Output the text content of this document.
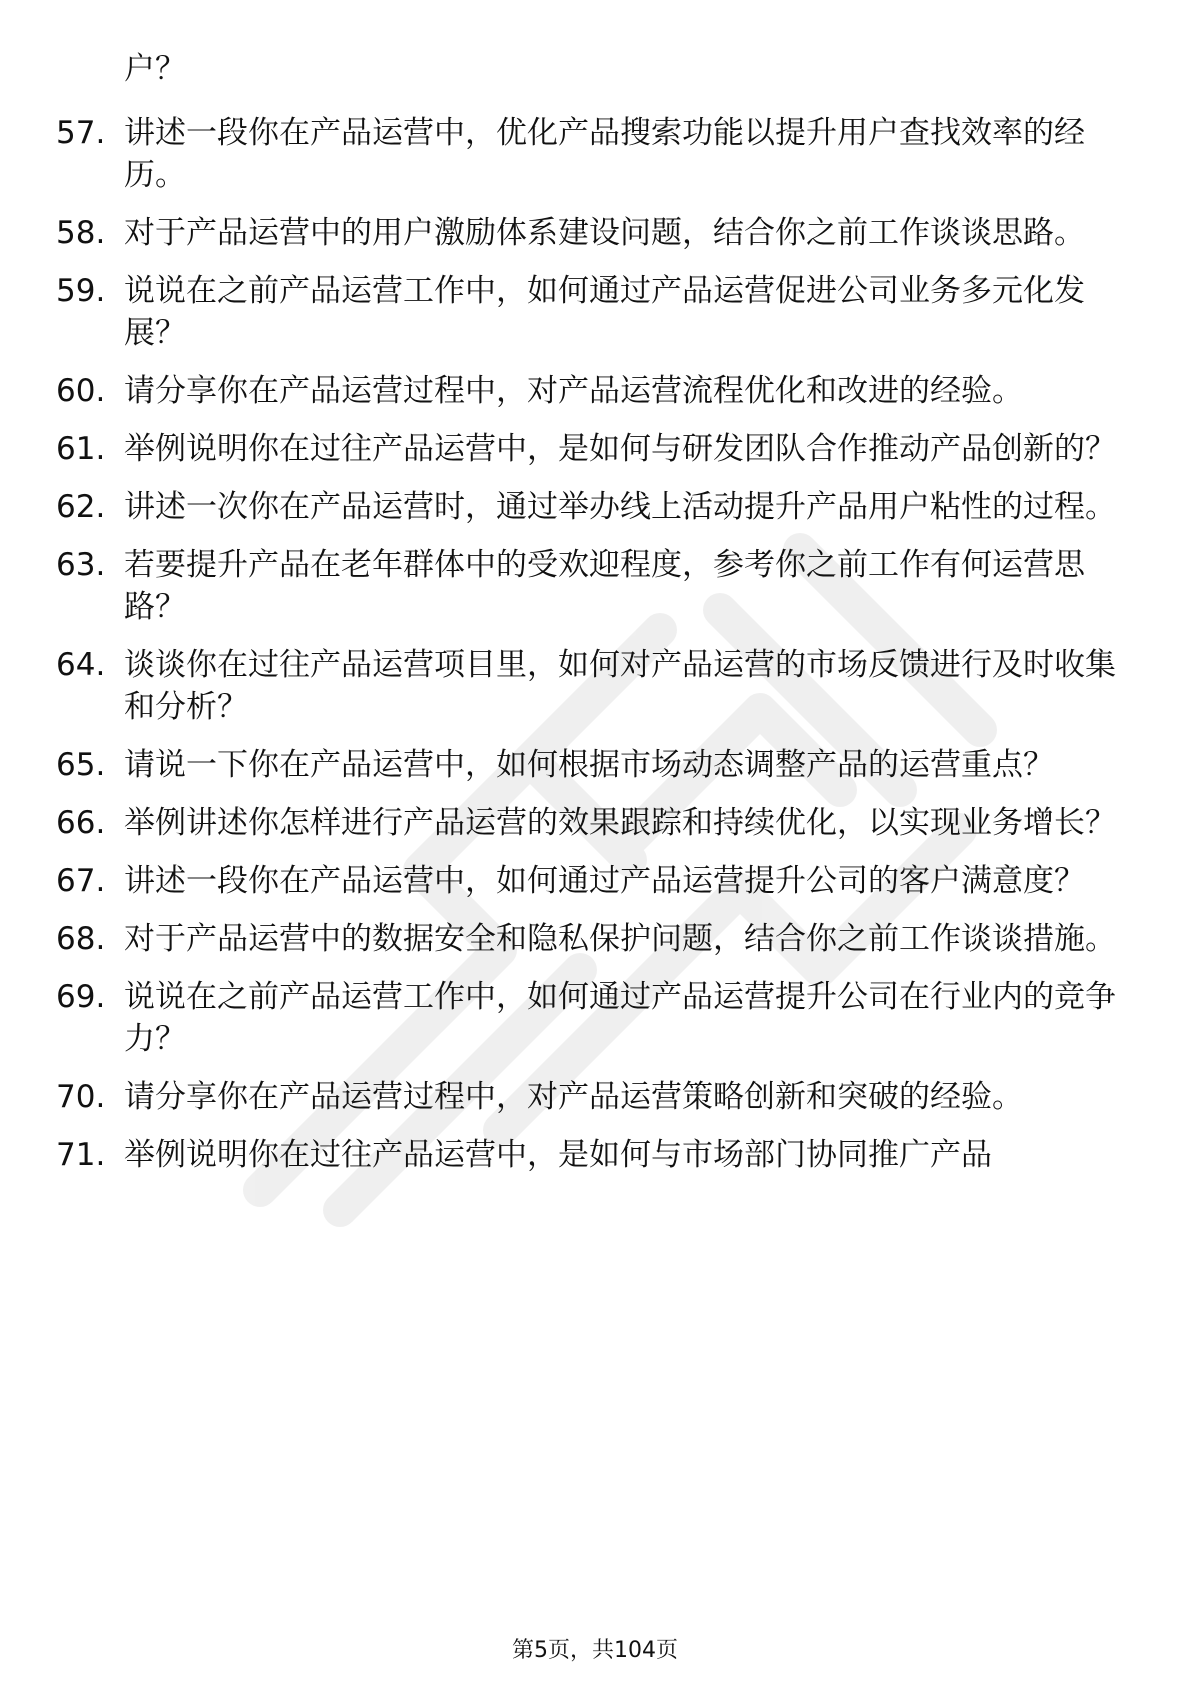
户？
57. 讲述一段你在产品运营中，优化产品搜索功能以提升用户查找效率的经历。
58. 对于产品运营中的用户激励体系建设问题，结合你之前工作谈谈思路。
59. 说说在之前产品运营工作中，如何通过产品运营促进公司业务多元化发展？
60. 请分享你在产品运营过程中，对产品运营流程优化和改进的经验。
61. 举例说明你在过往产品运营中，是如何与研发团队合作推动产品创新的？
62. 讲述一次你在产品运营时，通过举办线上活动提升产品用户粘性的过程。
63. 若要提升产品在老年群体中的受欢迎程度，参考你之前工作有何运营思路？
64. 谈谈你在过往产品运营项目里，如何对产品运营的市场反馈进行及时收集和分析？
65. 请说一下你在产品运营中，如何根据市场动态调整产品的运营重点？
66. 举例讲述你怎样进行产品运营的效果跟踪和持续优化，以实现业务增长？
67. 讲述一段你在产品运营中，如何通过产品运营提升公司的客户满意度？
68. 对于产品运营中的数据安全和隐私保护问题，结合你之前工作谈谈措施。
69. 说说在之前产品运营工作中，如何通过产品运营提升公司在行业内的竞争力？
70. 请分享你在产品运营过程中，对产品运营策略创新和突破的经验。
71. 举例说明你在过往产品运营中，是如何与市场部门协同推广产品
第5页，共104页
